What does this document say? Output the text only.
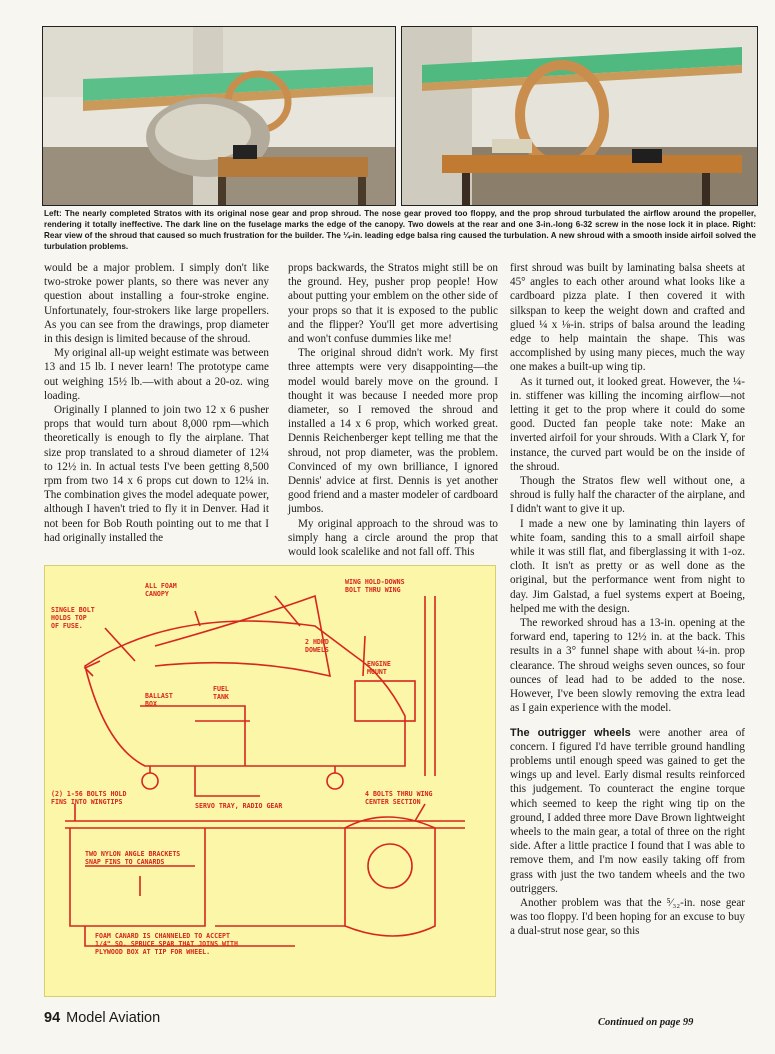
Left: The nearly completed Stratos with its original nose gear and prop shroud. The nose gear proved too floppy, and the prop shroud turbulated the airflow around the propeller, rendering it totally ineffective. The dark line on the fuselage marks the edge of the canopy. Two dowels at the rear and one 3-in.-long 6-32 screw in the nose lock it in place. Right: Rear view of the shroud that caused so much frustration for the builder. The ¼-in. leading edge balsa ring caused the turbulation. A new shroud with a smooth inside airfoil solved the turbulation problems.

would be a major problem. I simply don't like two-stroke power plants, so there was never any question about installing a four-stroke engine. Unfortunately, four-strokers like large propellers. As you can see from the drawings, prop diameter in this design is limited because of the shroud.

My original all-up weight estimate was between 13 and 15 lb. I never learn! The prototype came out weighing 15½ lb.—with about a 20-oz. wing loading.

Originally I planned to join two 12 x 6 pusher props that would turn about 8,000 rpm—which theoretically is enough to fly the airplane. That size prop translated to a shroud diameter of 12¼ to 12½ in. In actual tests I've been getting 8,500 rpm from two 14 x 6 props cut down to 12¼ in. The combination gives the model adequate power, although I haven't tried to fly it in Denver. Had it not been for Bob Routh pointing out to me that I had originally installed the

props backwards, the Stratos might still be on the ground. Hey, pusher prop people! How about putting your emblem on the other side of your props so that it is exposed to the public and the flipper? You'll get more advertising and won't confuse dummies like me!

The original shroud didn't work. My first three attempts were very disappointing—the model would barely move on the ground. I thought it was because I needed more prop diameter, so I removed the shroud and installed a 14 x 6 prop, which worked great. Dennis Reichenberger kept telling me that the shroud, not prop diameter, was the problem. Convinced of my own brilliance, I ignored Dennis' advice at first. Dennis is yet another good friend and a master modeler of cardboard jumbos.

My original approach to the shroud was to simply hang a circle around the prop that would look scalelike and not fall off. This

first shroud was built by laminating balsa sheets at 45° angles to each other around what looks like a cardboard pizza plate. I then covered it with silkspan to keep the weight down and crafted and glued ¼ x ⅛-in. strips of balsa around the leading edge to help maintain the shape. This was accomplished by using many pieces, much the way one makes a built-up wing tip.

As it turned out, it looked great. However, the ¼-in. stiffener was killing the incoming airflow—not letting it get to the prop where it could do some good. Ducted fan people take note: Make an inverted airfoil for your shrouds. With a Clark Y, for instance, the curved part would be on the inside of the shroud.

Though the Stratos flew well without one, a shroud is fully half the character of the airplane, and I didn't want to give it up.

I made a new one by laminating thin layers of white foam, sanding this to a small airfoil shape while it was still flat, and fiberglassing it with 1-oz. cloth. It isn't as pretty or as well done as the original, but the performance went from night to day. Jim Galstad, a fuel systems expert at Boeing, helped me with the design.

The reworked shroud has a 13-in. opening at the forward end, tapering to 12½ in. at the back. This results in a 3° funnel shape with about ¼-in. prop clearance. The shroud weighs seven ounces, so four ounces of lead had to be added to the nose. However, I've been slowly removing the extra lead as I gain experience with the model.

The outrigger wheels were another area of concern. I figured I'd have terrible ground handling problems until enough speed was gained to get the wings up and level. Early dismal results reinforced this judgement. To counteract the engine torque which seemed to keep the right wing tip on the ground, I added three more Dave Brown lightweight wheels to the main gear, a total of three on the right side. After a little practice I found that I was able to remove them, and I'm now easily taking off from grass with just the two tandem wheels and the two outriggers.

Another problem was that the ⁵⁄₃₂-in. nose gear was too floppy. I'd been hoping for an excuse to buy a dual-strut nose gear, so this

ALL FOAM
CANOPY
SINGLE BOLT
HOLDS TOP
OF FUSE.
WING HOLD-DOWNS
BOLT THRU WING
2 HDWD
DOWELS
ENGINE
MOUNT
BALLAST
BOX
FUEL
TANK
SERVO TRAY, RADIO GEAR
(2) 1-56 BOLTS HOLD
FINS INTO WINGTIPS
4 BOLTS THRU WING
CENTER SECTION
TWO NYLON ANGLE BRACKETS
SNAP FINS TO CANARDS
FOAM CANARD IS CHANNELED TO ACCEPT
1/4" SQ. SPRUCE SPAR THAT JOINS WITH
PLYWOOD BOX AT TIP FOR WHEEL.
94 Model Aviation	Continued on page 99
